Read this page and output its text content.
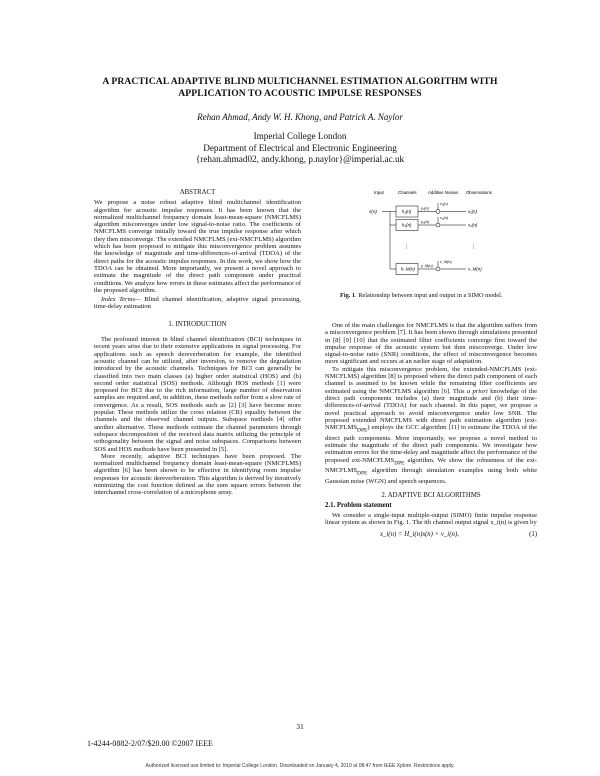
A PRACTICAL ADAPTIVE BLIND MULTICHANNEL ESTIMATION ALGORITHM WITH
APPLICATION TO ACOUSTIC IMPULSE RESPONSES
Rehan Ahmad, Andy W. H. Khong, and Patrick A. Naylor
Imperial College London
Department of Electrical and Electronic Engineering
{rehan.ahmad02, andy.khong, p.naylor}@imperial.ac.uk
ABSTRACT

We propose a noise robust adaptive blind multichannel identification algorithm for acoustic impulse responses. It has been known that the normalized multichannel frequency domain least-mean-square (NMCFLMS) algorithm misconverges under low signal-to-noise ratio. The coefficients of NMCFLMS converge initially toward the true impulse response after which they then misconverge. The extended NMCFLMS (ext-NMCFLMS) algorithm which has been proposed to mitigate this misconvergence problem assumes the knowledge of magnitude and time-differences-of-arrival (TDOA) of the direct paths for the acoustic impulse responses. In this work, we show how the TDOA can be obtained. More importantly, we present a novel approach to estimate the magnitude of the direct path component under practical conditions. We analyze how errors in these estimates affect the performance of the proposed algorithm.

Index Terms— Blind channel identification, adaptive signal processing, time-delay estimation

1. INTRODUCTION

The profound interest in blind channel identification (BCI) techniques in recent years arise due to their extensive applications in signal processing. For applications such as speech dereverberation for example, the identified acoustic channel can be utilized, after inversion, to remove the degradation introduced by the acoustic channels. Techniques for BCI can generally be classified into two main classes (a) higher order statistical (HOS) and (b) second order statistical (SOS) methods. Although HOS methods [1] were proposed for BCI due to the rich information, large number of observation samples are required and, in addition, these methods suffer from a slow rate of convergence. As a result, SOS methods such as [2] [3] have become more popular. These methods utilize the cross relation (CR) equality between the channels and the observed channel outputs. Subspace methods [4] offer another alternative. These methods estimate the channel parameters through subspace decomposition of the received data matrix utilizing the principle of orthogonality between the signal and noise subspaces. Comparisons between SOS and HOS methods have been presented in [5].

More recently, adaptive BCI techniques have been proposed. The normalized multichannel frequency domain least-mean-square (NMCFLMS) algorithm [6] has been shown to be effective in identifying room impulse responses for acoustic dereverberation. This algorithm is derived by iteratively minimizing the cost function defined as the sum square errors between the interchannel cross-correlation of a microphone array.

Input	Channels	Additive Noises Observations
s(n)	h₁(n)
h₂(n)
h_M(n)
⋮
y₁(n)
y₂(n)
y_M(n)
v₁(n)
v₂(n)
v_M(n)
x₁(n)
x₂(n)
x_M(n)
⋮
Fig. 1. Relationship between input and output in a SIMO model.

One of the main challenges for NMCFLMS is that the algorithm suffers from a misconvergence problem [7]. It has been shown through simulations presented in [8] [9] [10] that the estimated filter coefficients converge first toward the impulse response of the acoustic system but then misconverge. Under low signal-to-noise ratio (SNR) conditions, the effect of misconvergence becomes more significant and occurs at an earlier stage of adaptation.

To mitigate this misconvergence problem, the extended-NMCFLMS (ext-NMCFLMS) algorithm [8] is proposed where the direct path component of each channel is assumed to be known while the remaining filter coefficients are estimated using the NMCFLMS algorithm [6]. This a priori knowledge of the direct path components includes (a) their magnitude and (b) their time-differences-of-arrival (TDOA) for each channel. In this paper, we propose a novel practical approach to avoid misconvergence under low SNR. The proposed extended NMCFLMS with direct path estimation algorithm $(ext-NMCFLMS_{DPE})$ employs the GCC algorithm [11] to estimate the TDOA of the direct path components. More importantly, we propose a novel method to estimate the magnitude of the direct path components. We investigate how estimation errors for the time-delay and magnitude affect the performance of the proposed ext-$NMCFLMS_{DPE}$ algorithm. We show the robustness of the ext-$NMCFLMS_{DPE}$ algorithm through simulation examples using both white Gaussian noise (WGN) and speech sequences.

2. ADAPTIVE BCI ALGORITHMS
2.1. Problem statement

We consider a single-input multiple-output (SIMO) finite impulse response linear system as shown in Fig. 1. The ith channel output signal x_i(n) is given by

x_i(n) = H_i(n)s(n) + v_i(n),	(1)
31
1-4244-0882-2/07/$20.00 ©2007 IEEE
Authorized licensed use limited to: Imperial College London. Downloaded on January 4, 2010 at 08:47 from IEEE Xplore. Restrictions apply.
